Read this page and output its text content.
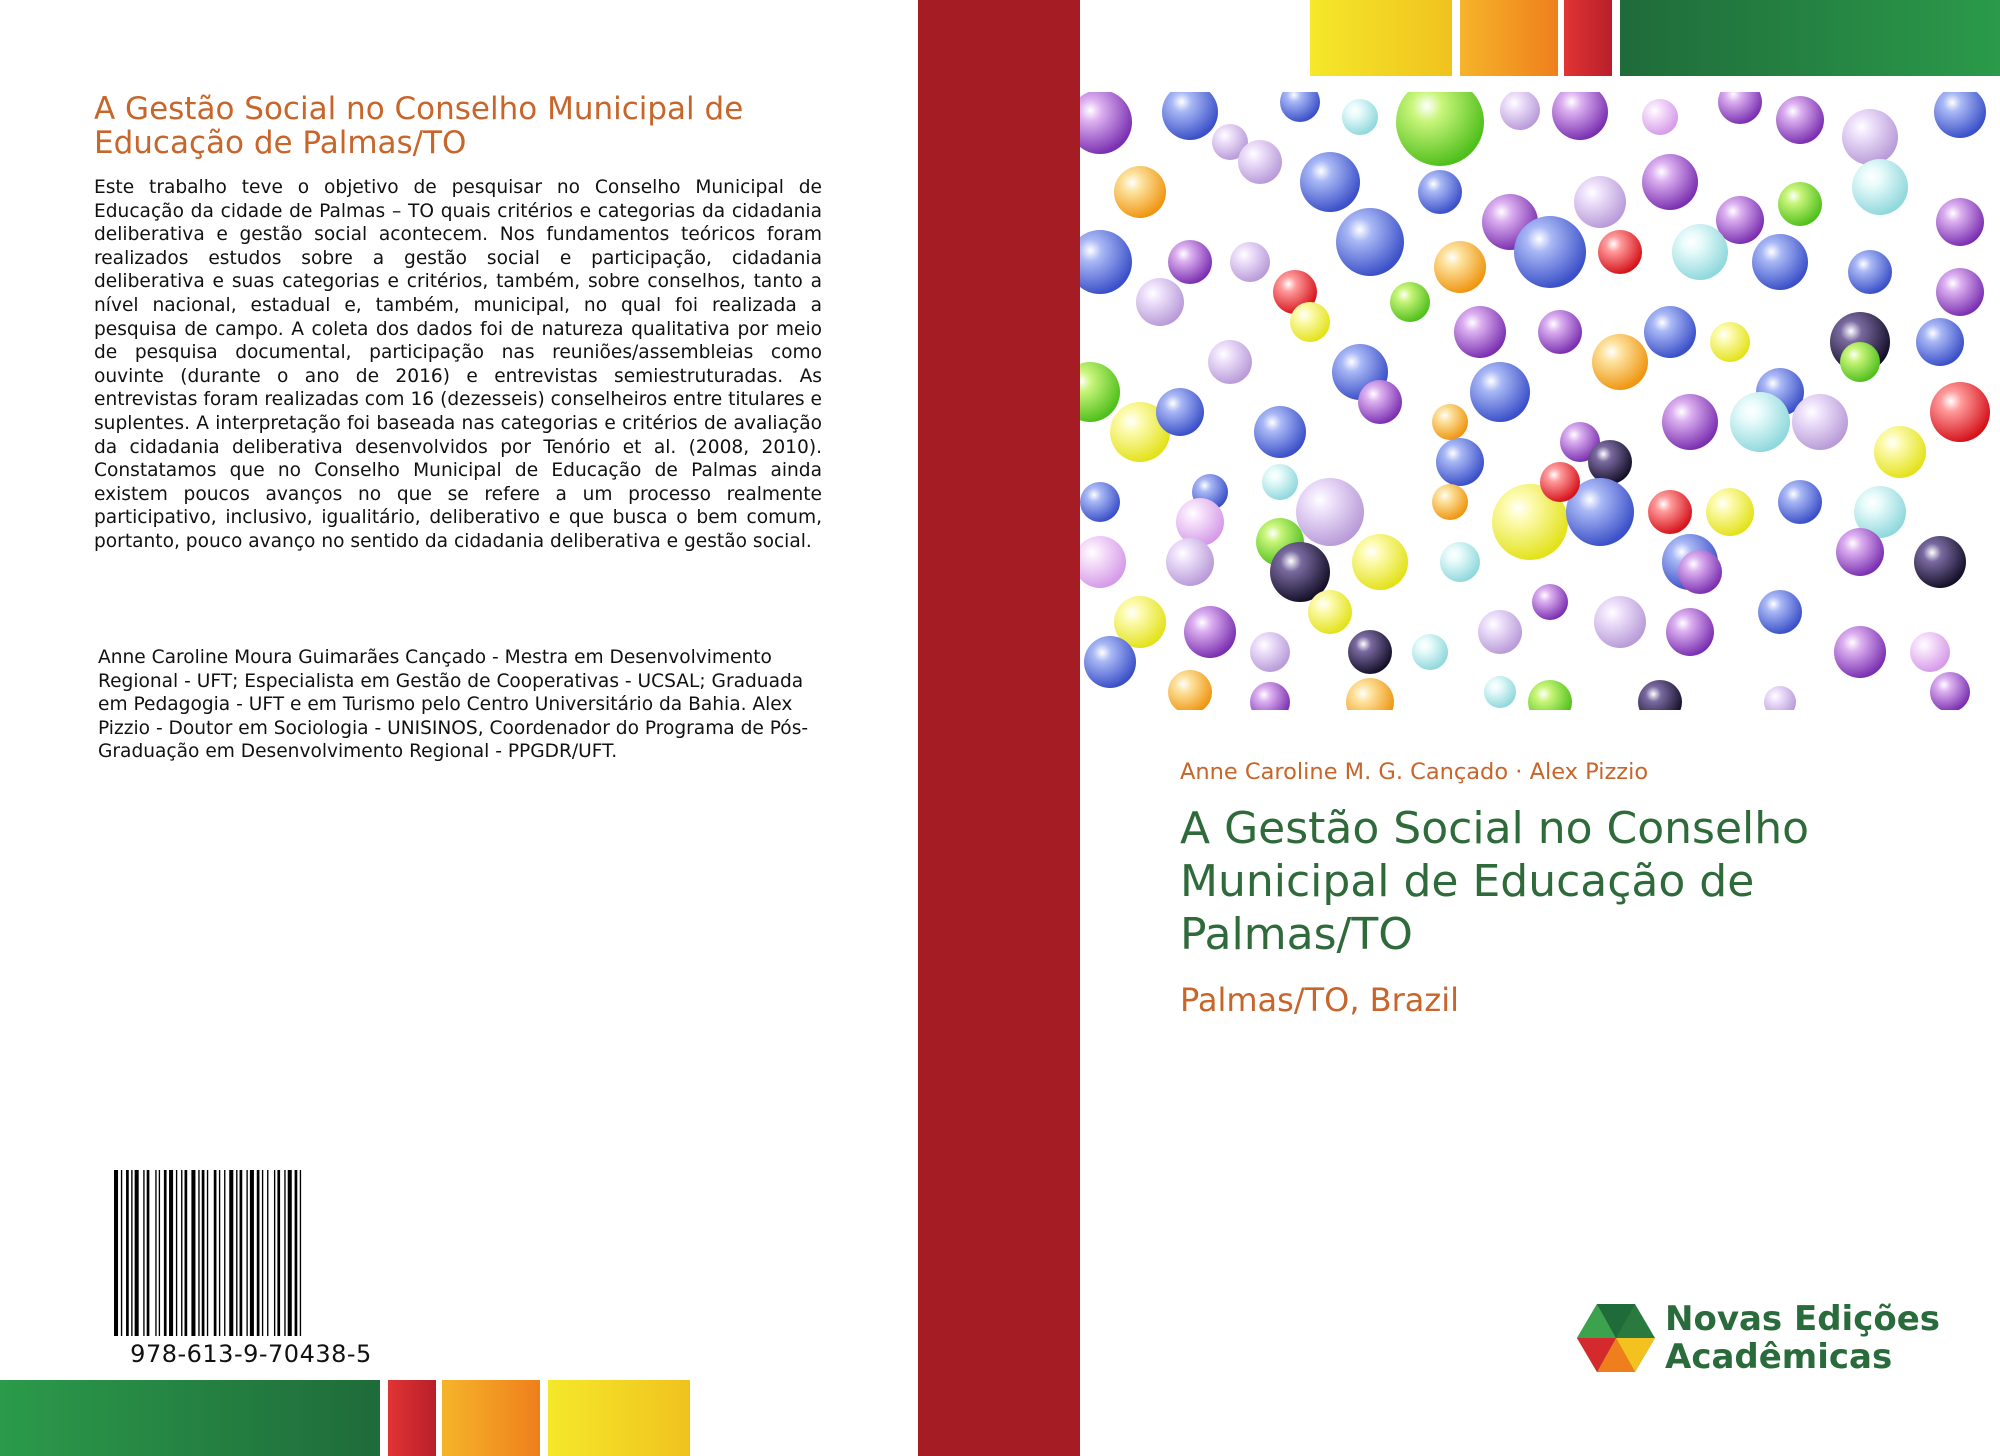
A Gestão Social no Conselho Municipal de Educação de Palmas/TO

Este trabalho teve o objetivo de pesquisar no Conselho Municipal de Educação da cidade de Palmas – TO quais critérios e categorias da cidadania deliberativa e gestão social acontecem. Nos fundamentos teóricos foram realizados estudos sobre a gestão social e participação, cidadania deliberativa e suas categorias e critérios, também, sobre conselhos, tanto a nível nacional, estadual e, também, municipal, no qual foi realizada a pesquisa de campo. A coleta dos dados foi de natureza qualitativa por meio de pesquisa documental, participação nas reuniões/assembleias como ouvinte (durante o ano de 2016) e entrevistas semiestruturadas. As entrevistas foram realizadas com 16 (dezesseis) conselheiros entre titulares e suplentes. A interpretação foi baseada nas categorias e critérios de avaliação da cidadania deliberativa desenvolvidos por Tenório et al. (2008, 2010). Constatamos que no Conselho Municipal de Educação de Palmas ainda existem poucos avanços no que se refere a um processo realmente participativo, inclusivo, igualitário, deliberativo e que busca o bem comum, portanto, pouco avanço no sentido da cidadania deliberativa e gestão social.

Anne Caroline Moura Guimarães Cançado - Mestra em Desenvolvimento Regional - UFT; Especialista em Gestão de Cooperativas - UCSAL; Graduada em Pedagogia - UFT e em Turismo pelo Centro Universitário da Bahia. Alex Pizzio - Doutor em Sociologia - UNISINOS, Coordenador do Programa de Pós-Graduação em Desenvolvimento Regional - PPGDR/UFT.

978-613-9-70438-5
Anne Caroline M. G. Cançado · Alex Pizzio
A Gestão Social no Conselho Municipal de Educação de Palmas/TO
Palmas/TO, Brazil
Novas Edições
Acadêmicas
